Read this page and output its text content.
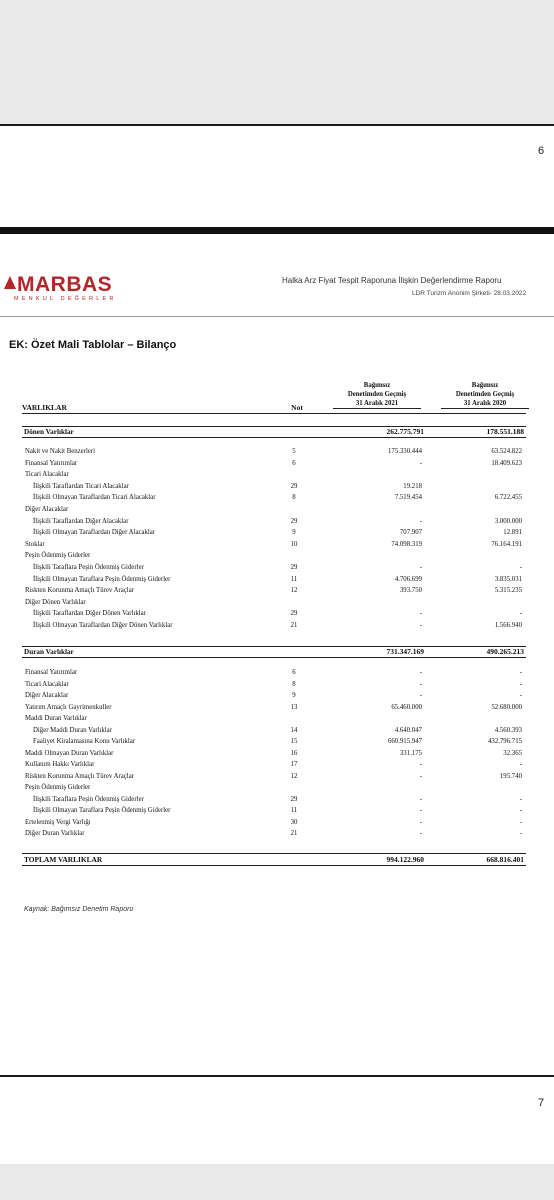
6
MARBAS
MENKUL DEĞERLER
Halka Arz Fiyat Tespit Raporuna İlişkin Değerlendirme Raporu
LDR Turizm Anonim Şirketi- 28.03.2022
EK: Özet Mali Tablolar – Bilanço
VARLIKLAR	Not
Bağımsız
Denetimden Geçmiş
31 Aralık 2021
Bağımsız
Denetimden Geçmiş
31 Aralık 2020
Dönen Varlıklar	262.775.791	178.551.188
Nakit ve Nakit Benzerleri	5	175.330.444	63.524.822
Finansal Yatırımlar	6	-	18.409.623
Ticari Alacaklar
İlişkili Taraflardan Ticari Alacaklar	29	19.218
İlişkili Olmayan Taraflardan Ticari Alacaklar	8	7.519.454	6.722.455
Diğer Alacaklar
İlişkili Taraflardan Diğer Alacaklar	29	-	3.000.000
İlişkili Olmayan Taraflardan Diğer Alacaklar	9	707.907	12.891
Stoklar	10	74.098.319	76.164.191
Peşin Ödenmiş Giderler
İlişkili Taraflara Peşin Ödenmiş Giderler	29	-	-
İlişkili Olmayan Taraflara Peşin Ödenmiş Giderler	11	4.706.699	3.835.031
Riskten Korunma Amaçlı Türev Araçlar	12	393.750	5.315.235
Diğer Dönen Varlıklar
İlişkili Taraflardan Diğer Dönen Varlıklar	29	-	-
İlişkili Olmayan Taraflardan Diğer Dönen Varlıklar	21	-	1.566.940
Duran Varlıklar	731.347.169	490.265.213
Finansal Yatırımlar	6	-	-
Ticari Alacaklar	8	-	-
Diğer Alacaklar	9	-	-
Yatırım Amaçlı Gayrimenkuller	13	65.460.000	52.680.000
Maddi Duran Varlıklar
Diğer Maddi Duran Varlıklar	14	4.640.047	4.560.393
Faaliyet Kiralamasına Konu Varlıklar	15	660.915.947	432.796.715
Maddi Olmayan Duran Varlıklar	16	331.175	32.365
Kullanım Hakkı Varlıklar	17	-	-
Riskten Korunma Amaçlı Türev Araçlar	12	-	195.740
Peşin Ödenmiş Giderler
İlişkili Taraflara Peşin Ödenmiş Giderler	29	-	-
İlişkili Olmayan Taraflara Peşin Ödenmiş Giderler	11	-	-
Ertelenmiş Vergi Varlığı	30	-	-
Diğer Duran Varlıklar	21	-	-
TOPLAM VARLIKLAR	994.122.960	668.816.401
Kaynak: Bağımsız Denetim Raporu
7
